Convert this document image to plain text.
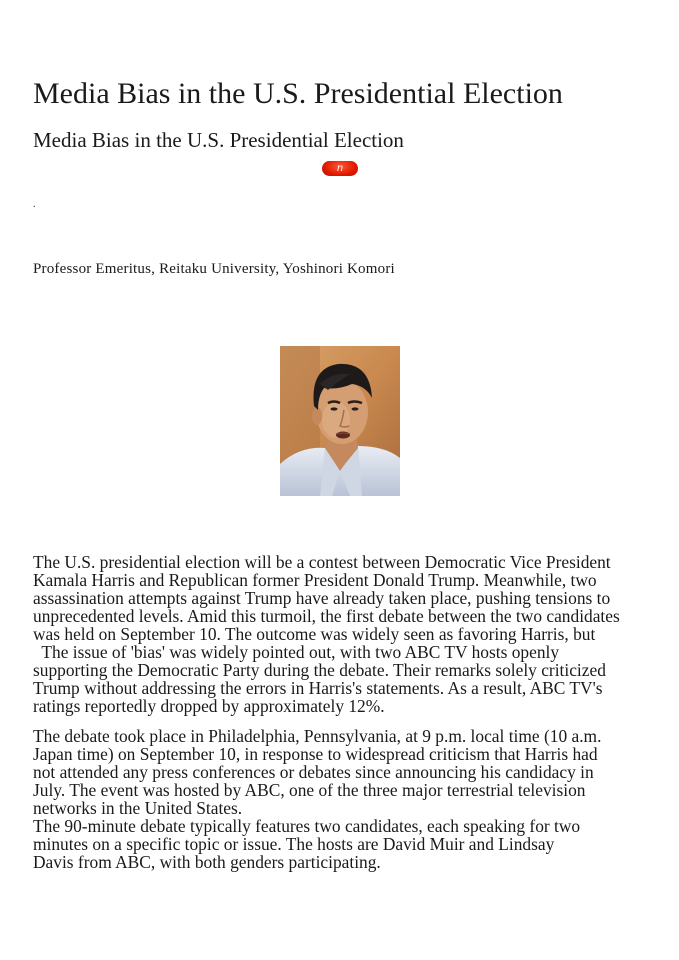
Media Bias in the U.S. Presidential Election
Media Bias in the U.S. Presidential Election
n
.
Professor Emeritus, Reitaku University, Yoshinori Komori
The U.S. presidential election will be a contest between Democratic Vice President
Kamala Harris and Republican former President Donald Trump. Meanwhile, two
assassination attempts against Trump have already taken place, pushing tensions to
unprecedented levels. Amid this turmoil, the first debate between the two candidates
was held on September 10. The outcome was widely seen as favoring Harris, but
The issue of 'bias' was widely pointed out, with two ABC TV hosts openly
supporting the Democratic Party during the debate. Their remarks solely criticized
Trump without addressing the errors in Harris's statements. As a result, ABC TV's
ratings reportedly dropped by approximately 12%.
The debate took place in Philadelphia, Pennsylvania, at 9 p.m. local time (10 a.m.
Japan time) on September 10, in response to widespread criticism that Harris had
not attended any press conferences or debates since announcing his candidacy in
July. The event was hosted by ABC, one of the three major terrestrial television
networks in the United States.
The 90-minute debate typically features two candidates, each speaking for two
minutes on a specific topic or issue. The hosts are David Muir and Lindsay
Davis from ABC, with both genders participating.
